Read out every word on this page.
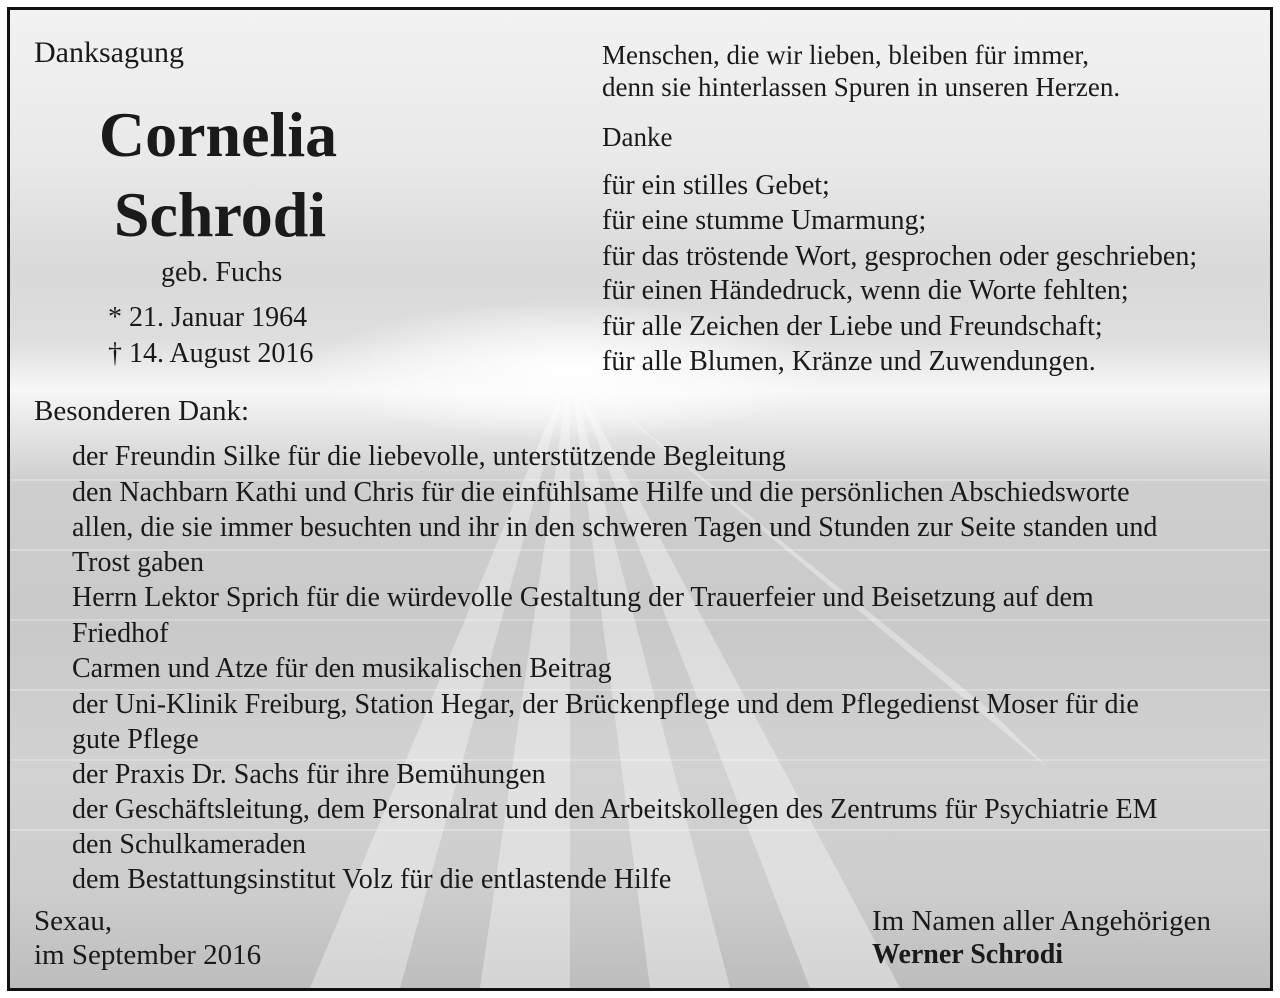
Danksagung
Cornelia
Schrodi
geb. Fuchs
* 21. Januar 1964
† 14. August 2016
Menschen, die wir lieben, bleiben für immer,
denn sie hinterlassen Spuren in unseren Herzen.
Danke
für ein stilles Gebet;
für eine stumme Umarmung;
für das tröstende Wort, gesprochen oder geschrieben;
für einen Händedruck, wenn die Worte fehlten;
für alle Zeichen der Liebe und Freundschaft;
für alle Blumen, Kränze und Zuwendungen.
Besonderen Dank:
der Freundin Silke für die liebevolle, unterstützende Begleitung
den Nachbarn Kathi und Chris für die einfühlsame Hilfe und die persönlichen Abschiedsworte
allen, die sie immer besuchten und ihr in den schweren Tagen und Stunden zur Seite standen und
Trost gaben
Herrn Lektor Sprich für die würdevolle Gestaltung der Trauerfeier und Beisetzung auf dem
Friedhof
Carmen und Atze für den musikalischen Beitrag
der Uni-Klinik Freiburg, Station Hegar, der Brückenpflege und dem Pflegedienst Moser für die
gute Pflege
der Praxis Dr. Sachs für ihre Bemühungen
der Geschäftsleitung, dem Personalrat und den Arbeitskollegen des Zentrums für Psychiatrie EM
den Schulkameraden
dem Bestattungsinstitut Volz für die entlastende Hilfe
Sexau,
im September 2016
Im Namen aller Angehörigen
Werner Schrodi
